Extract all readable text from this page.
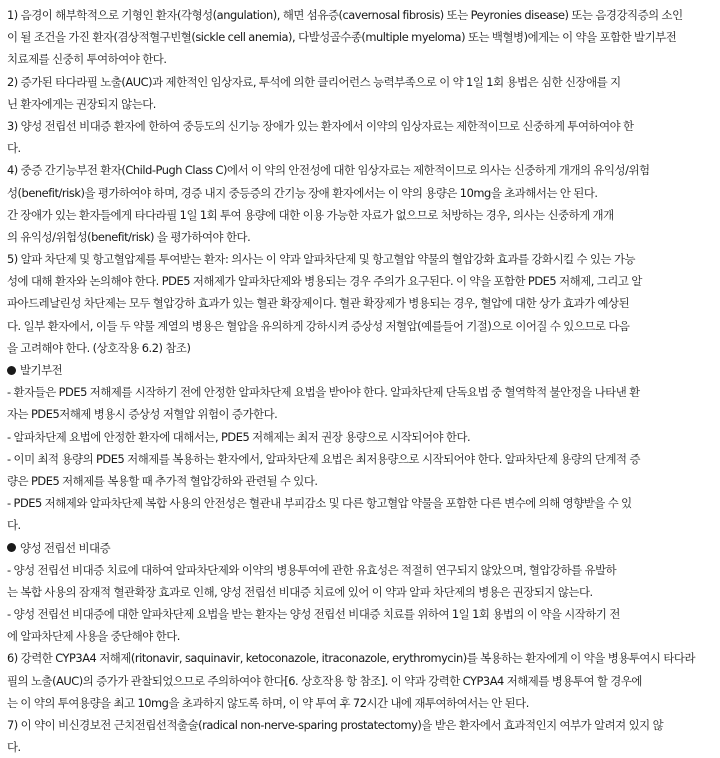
1) 음경이 해부학적으로 기형인 환자(각형성(angulation), 해면 섬유증(cavernosal fibrosis) 또는 Peyronies disease) 또는 음경강직증의 소인
이 될 조건을 가진 환자(겸상적혈구빈혈(sickle cell anemia), 다발성골수종(multiple myeloma) 또는 백혈병)에게는 이 약을 포함한 발기부전
치료제를 신중히 투여하여야 한다.
2) 증가된 타다라필 노출(AUC)과 제한적인 임상자료, 투석에 의한 클리어런스 능력부족으로 이 약 1일 1회 용법은 심한 신장애를 지
닌 환자에게는 권장되지 않는다.
3) 양성 전립선 비대증 환자에 한하여 중등도의 신기능 장애가 있는 환자에서 이약의 임상자료는 제한적이므로 신중하게 투여하여야 한
다.
4) 중증 간기능부전 환자(Child-Pugh Class C)에서 이 약의 안전성에 대한 임상자료는 제한적이므로 의사는 신중하게 개개의 유익성/위험
성(benefit/risk)을 평가하여야 하며, 경증 내지 중등증의 간기능 장애 환자에서는 이 약의 용량은 10mg을 초과해서는 안 된다.
간 장애가 있는 환자들에게 타다라필 1일 1회 투여 용량에 대한 이용 가능한 자료가 없으므로 처방하는 경우, 의사는 신중하게 개개
의 유익성/위험성(benefit/risk) 을 평가하여야 한다.
5) 알파 차단제 및 항고혈압제를 투여받는 환자: 의사는 이 약과 알파차단제 및 항고혈압 약물의 혈압강화 효과를 강화시킬 수 있는 가능
성에 대해 환자와 논의해야 한다. PDE5 저해제가 알파차단제와 병용되는 경우 주의가 요구된다. 이 약을 포함한 PDE5 저해제, 그리고 알
파아드레날린성 차단제는 모두 혈압강하 효과가 있는 혈관 확장제이다. 혈관 확장제가 병용되는 경우, 혈압에 대한 상가 효과가 예상된
다. 일부 환자에서, 이들 두 약물 계열의 병용은 혈압을 유의하게 강하시켜 증상성 저혈압(예를들어 기절)으로 이어질 수 있으므로 다음
을 고려해야 한다. (상호작용 6.2) 참조)
발기부전
- 환자들은 PDE5 저해제를 시작하기 전에 안정한 알파차단제 요법을 받아야 한다. 알파차단제 단독요법 중 혈역학적 불안정을 나타낸 환
자는 PDE5저해제 병용시 증상성 저혈압 위험이 증가한다.
- 알파차단제 요법에 안정한 환자에 대해서는, PDE5 저해제는 최저 권장 용량으로 시작되어야 한다.
- 이미 최적 용량의 PDE5 저해제를 복용하는 환자에서, 알파차단제 요법은 최저용량으로 시작되어야 한다. 알파차단제 용량의 단계적 증
량은 PDE5 저해제를 복용할 때 추가적 혈압강하와 관련될 수 있다.
- PDE5 저해제와 알파차단제 복합 사용의 안전성은 혈관내 부피감소 및 다른 항고혈압 약물을 포함한 다른 변수에 의해 영향받을 수 있
다.
양성 전립선 비대증
- 양성 전립선 비대증 치료에 대하여 알파차단제와 이약의 병용투여에 관한 유효성은 적절히 연구되지 않았으며, 혈압강하를 유발하
는 복합 사용의 잠재적 혈관확장 효과로 인해, 양성 전립선 비대증 치료에 있어 이 약과 알파 차단제의 병용은 권장되지 않는다.
- 양성 전립선 비대증에 대한 알파차단제 요법을 받는 환자는 양성 전립선 비대증 치료를 위하여 1일 1회 용법의 이 약을 시작하기 전
에 알파차단제 사용을 중단해야 한다.
6) 강력한 CYP3A4 저해제(ritonavir, saquinavir, ketoconazole, itraconazole, erythromycin)를 복용하는 환자에게 이 약을 병용투여시 타다라
필의 노출(AUC)의 증가가 관찰되었으므로 주의하여야 한다[6. 상호작용 항 참조]. 이 약과 강력한 CYP3A4 저해제를 병용투여 할 경우에
는 이 약의 투여용량을 최고 10mg을 초과하지 않도록 하며, 이 약 투여 후 72시간 내에 재투여하여서는 안 된다.
7) 이 약이 비신경보전 근치전립선적출술(radical non-nerve-sparing prostatectomy)을 받은 환자에서 효과적인지 여부가 알려져 있지 않
다.
